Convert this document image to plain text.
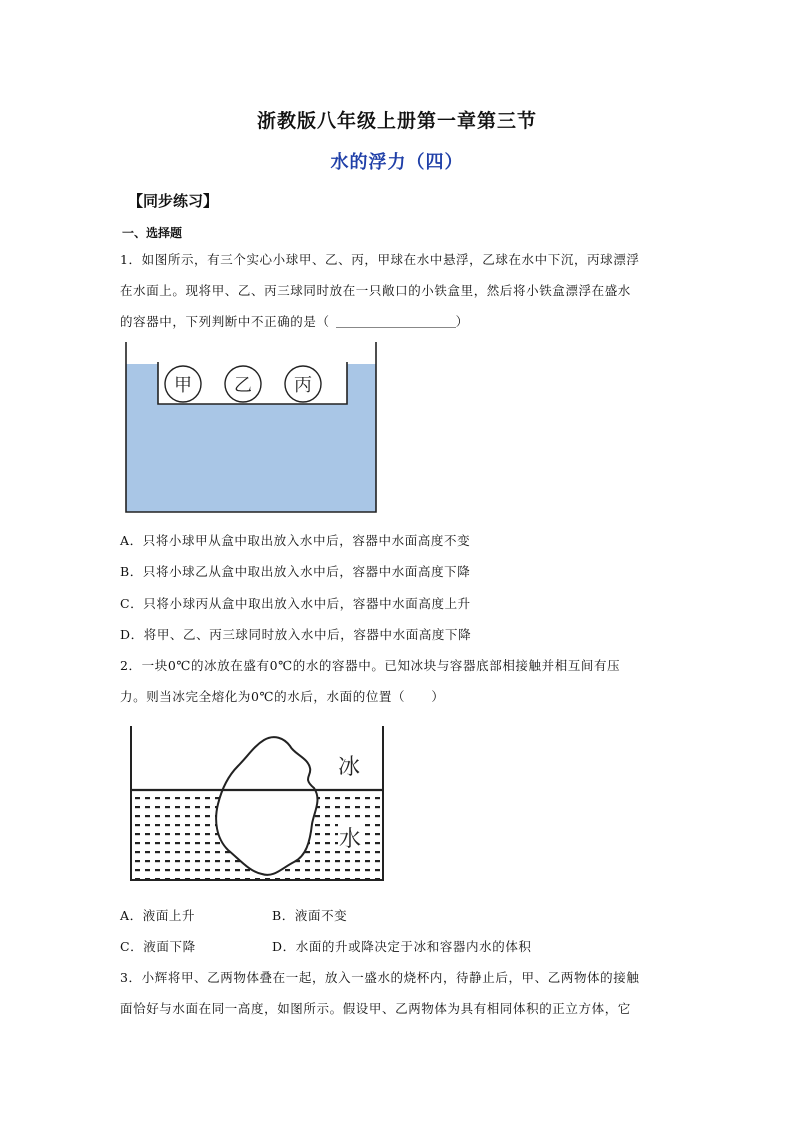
浙教版八年级上册第一章第三节
水的浮力（四）
【同步练习】
一、选择题
1．如图所示，有三个实心小球甲、乙、丙，甲球在水中悬浮，乙球在水中下沉，丙球漂浮
在水面上。现将甲、乙、丙三球同时放在一只敞口的小铁盒里，然后将小铁盒漂浮在盛水
的容器中，下列判断中不正确的是（	）
甲 乙 丙
A．只将小球甲从盒中取出放入水中后，容器中水面高度不变
B．只将小球乙从盒中取出放入水中后，容器中水面高度下降
C．只将小球丙从盒中取出放入水中后，容器中水面高度上升
D．将甲、乙、丙三球同时放入水中后，容器中水面高度下降
2．一块0℃的冰放在盛有0℃的水的容器中。已知冰块与容器底部相接触并相互间有压
力。则当冰完全熔化为0℃的水后，水面的位置（　　）
冰
水
A．液面上升	B．液面不变
C．液面下降	D．水面的升或降决定于冰和容器内水的体积
3．小辉将甲、乙两物体叠在一起，放入一盛水的烧杯内，待静止后，甲、乙两物体的接触
面恰好与水面在同一高度，如图所示。假设甲、乙两物体为具有相同体积的正立方体，它
